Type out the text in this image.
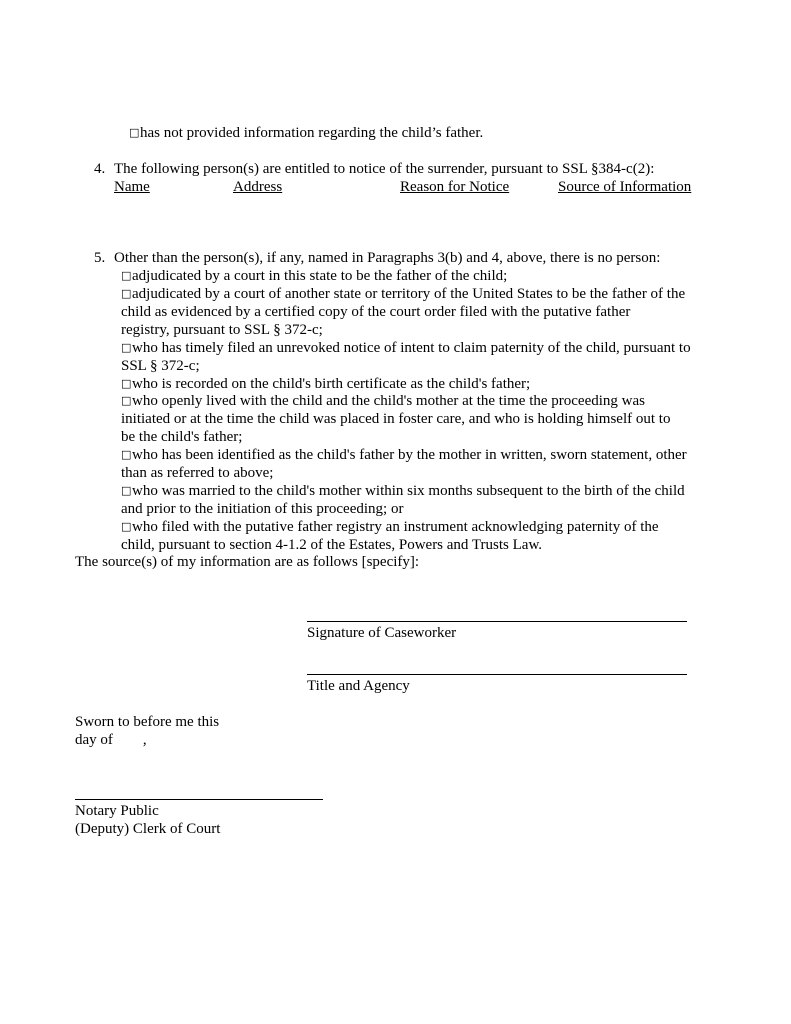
□has not provided information regarding the child’s father.
4. The following person(s) are entitled to notice of the surrender, pursuant to SSL §384-c(2):
Name	Address	Reason for Notice	Source of Information
5. Other than the person(s), if any, named in Paragraphs 3(b) and 4, above, there is no person:
□adjudicated by a court in this state to be the father of the child;
□adjudicated by a court of another state or territory of the United States to be the father of the
child as evidenced by a certified copy of the court order filed with the putative father
registry, pursuant to SSL § 372-c;
□who has timely filed an unrevoked notice of intent to claim paternity of the child, pursuant to
SSL § 372-c;
□who is recorded on the child's birth certificate as the child's father;
□who openly lived with the child and the child's mother at the time the proceeding was
initiated or at the time the child was placed in foster care, and who is holding himself out to
be the child's father;
□who has been identified as the child's father by the mother in written, sworn statement, other
than as referred to above;
□who was married to the child's mother within six months subsequent to the birth of the child
and prior to the initiation of this proceeding; or
□who filed with the putative father registry an instrument acknowledging paternity of the
child, pursuant to section 4-1.2 of the Estates, Powers and Trusts Law.
The source(s) of my information are as follows [specify]:
Signature of Caseworker
Title and Agency
Sworn to before me this
day of        ,
Notary Public
(Deputy) Clerk of Court
